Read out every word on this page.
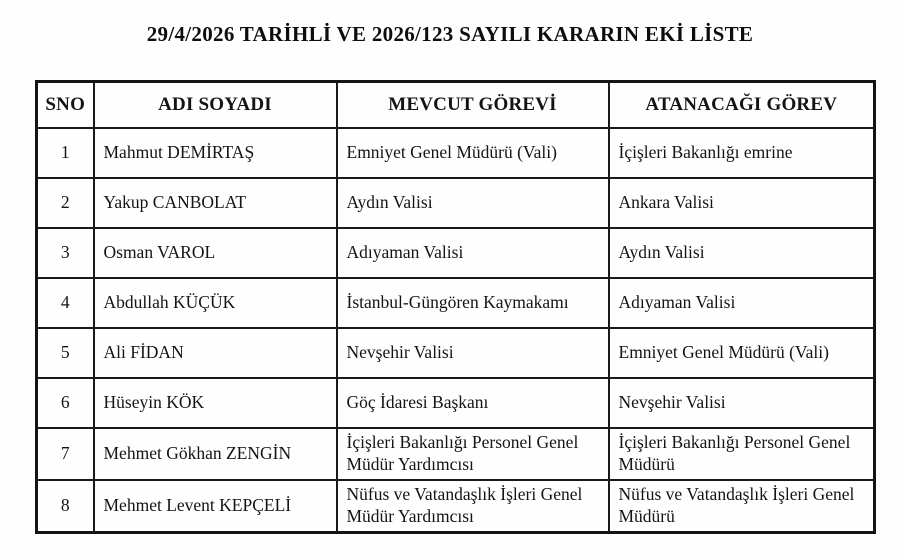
29/4/2026 TARİHLİ VE 2026/123 SAYILI KARARIN EKİ LİSTE
SNO	ADI SOYADI	MEVCUT GÖREVİ	ATANACAĞI GÖREV
1	Mahmut DEMİRTAŞ	Emniyet Genel Müdürü (Vali)	İçişleri Bakanlığı emrine
2	Yakup CANBOLAT	Aydın Valisi	Ankara Valisi
3	Osman VAROL	Adıyaman Valisi	Aydın Valisi
4	Abdullah KÜÇÜK	İstanbul-Güngören Kaymakamı	Adıyaman Valisi
5	Ali FİDAN	Nevşehir Valisi	Emniyet Genel Müdürü (Vali)
6	Hüseyin KÖK	Göç İdaresi Başkanı	Nevşehir Valisi
7	Mehmet Gökhan ZENGİN	İçişleri Bakanlığı Personel Genel Müdür Yardımcısı	İçişleri Bakanlığı Personel Genel Müdürü
8	Mehmet Levent KEPÇELİ	Nüfus ve Vatandaşlık İşleri Genel Müdür Yardımcısı	Nüfus ve Vatandaşlık İşleri Genel Müdürü
